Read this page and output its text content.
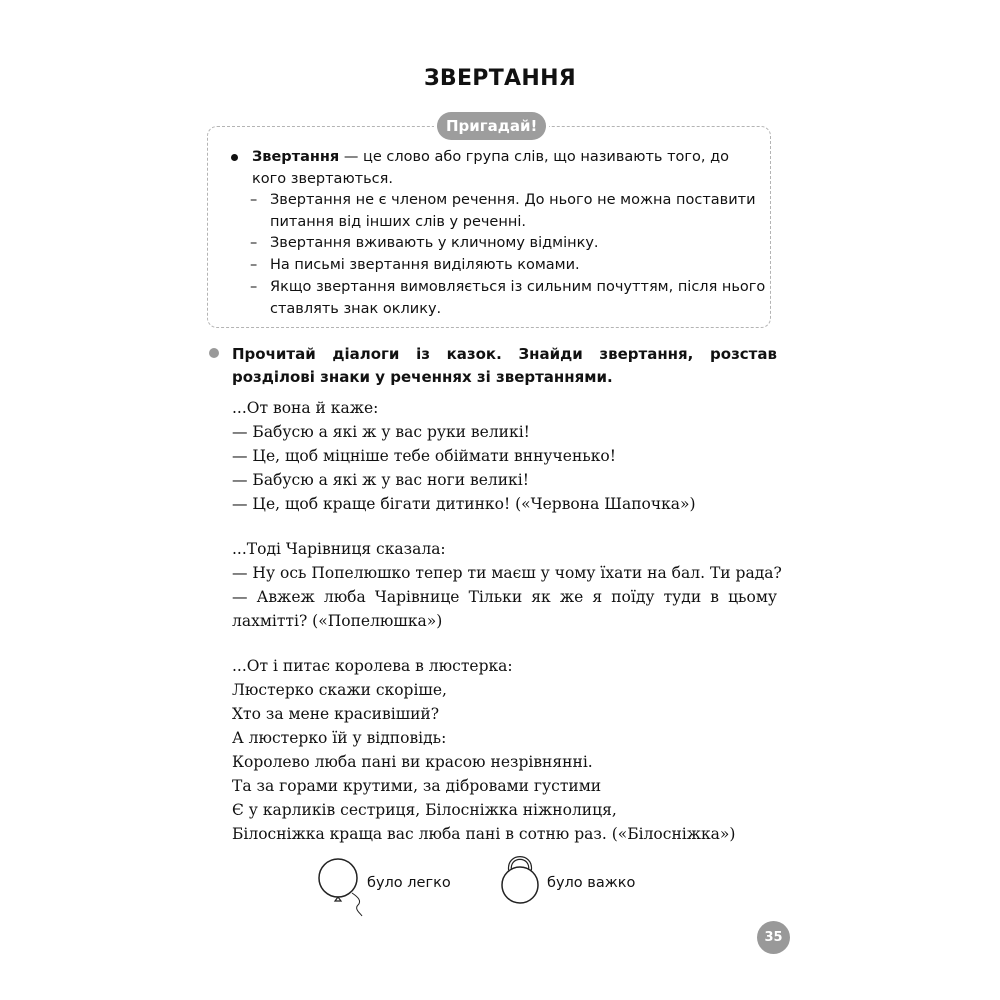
ЗВЕРТАННЯ
Пригадай!
Звертання — це слово або група слів, що називають того, до кого звертаються.
– Звертання не є членом речення. До нього не можна поставити питання від інших слів у реченні.
– Звертання вживають у кличному відмінку.
– На письмі звертання виділяють комами.
– Якщо звертання вимовляється із сильним почуттям, після нього ставлять знак оклику.
Прочитай діалоги із казок. Знайди звертання, розстав розділові знаки у реченнях зі звертаннями.
...От вона й каже:
— Бабусю а які ж у вас руки великі!
— Це, щоб міцніше тебе обіймати вннученько!
— Бабусю а які ж у вас ноги великі!
— Це, щоб краще бігати дитинко! («Червона Шапочка»)
...Тоді Чарівниця сказала:
— Ну ось Попелюшко тепер ти маєш у чому їхати на бал. Ти рада?
— Авжеж люба Чарівнице Тільки як же я поїду туди в цьому лахмітті? («Попелюшка»)
...От і питає королева в люстерка:
Люстерко скажи скоріше,
Хто за мене красивіший?
А люстерко їй у відповідь:
Королево люба пані ви красою незрівнянні.
Та за горами крутими, за дібровами густими
Є у карликів сестриця, Білосніжка ніжнолиця,
Білосніжка краща вас люба пані в сотню раз. («Білосніжка»)
було легко	було важко
35
